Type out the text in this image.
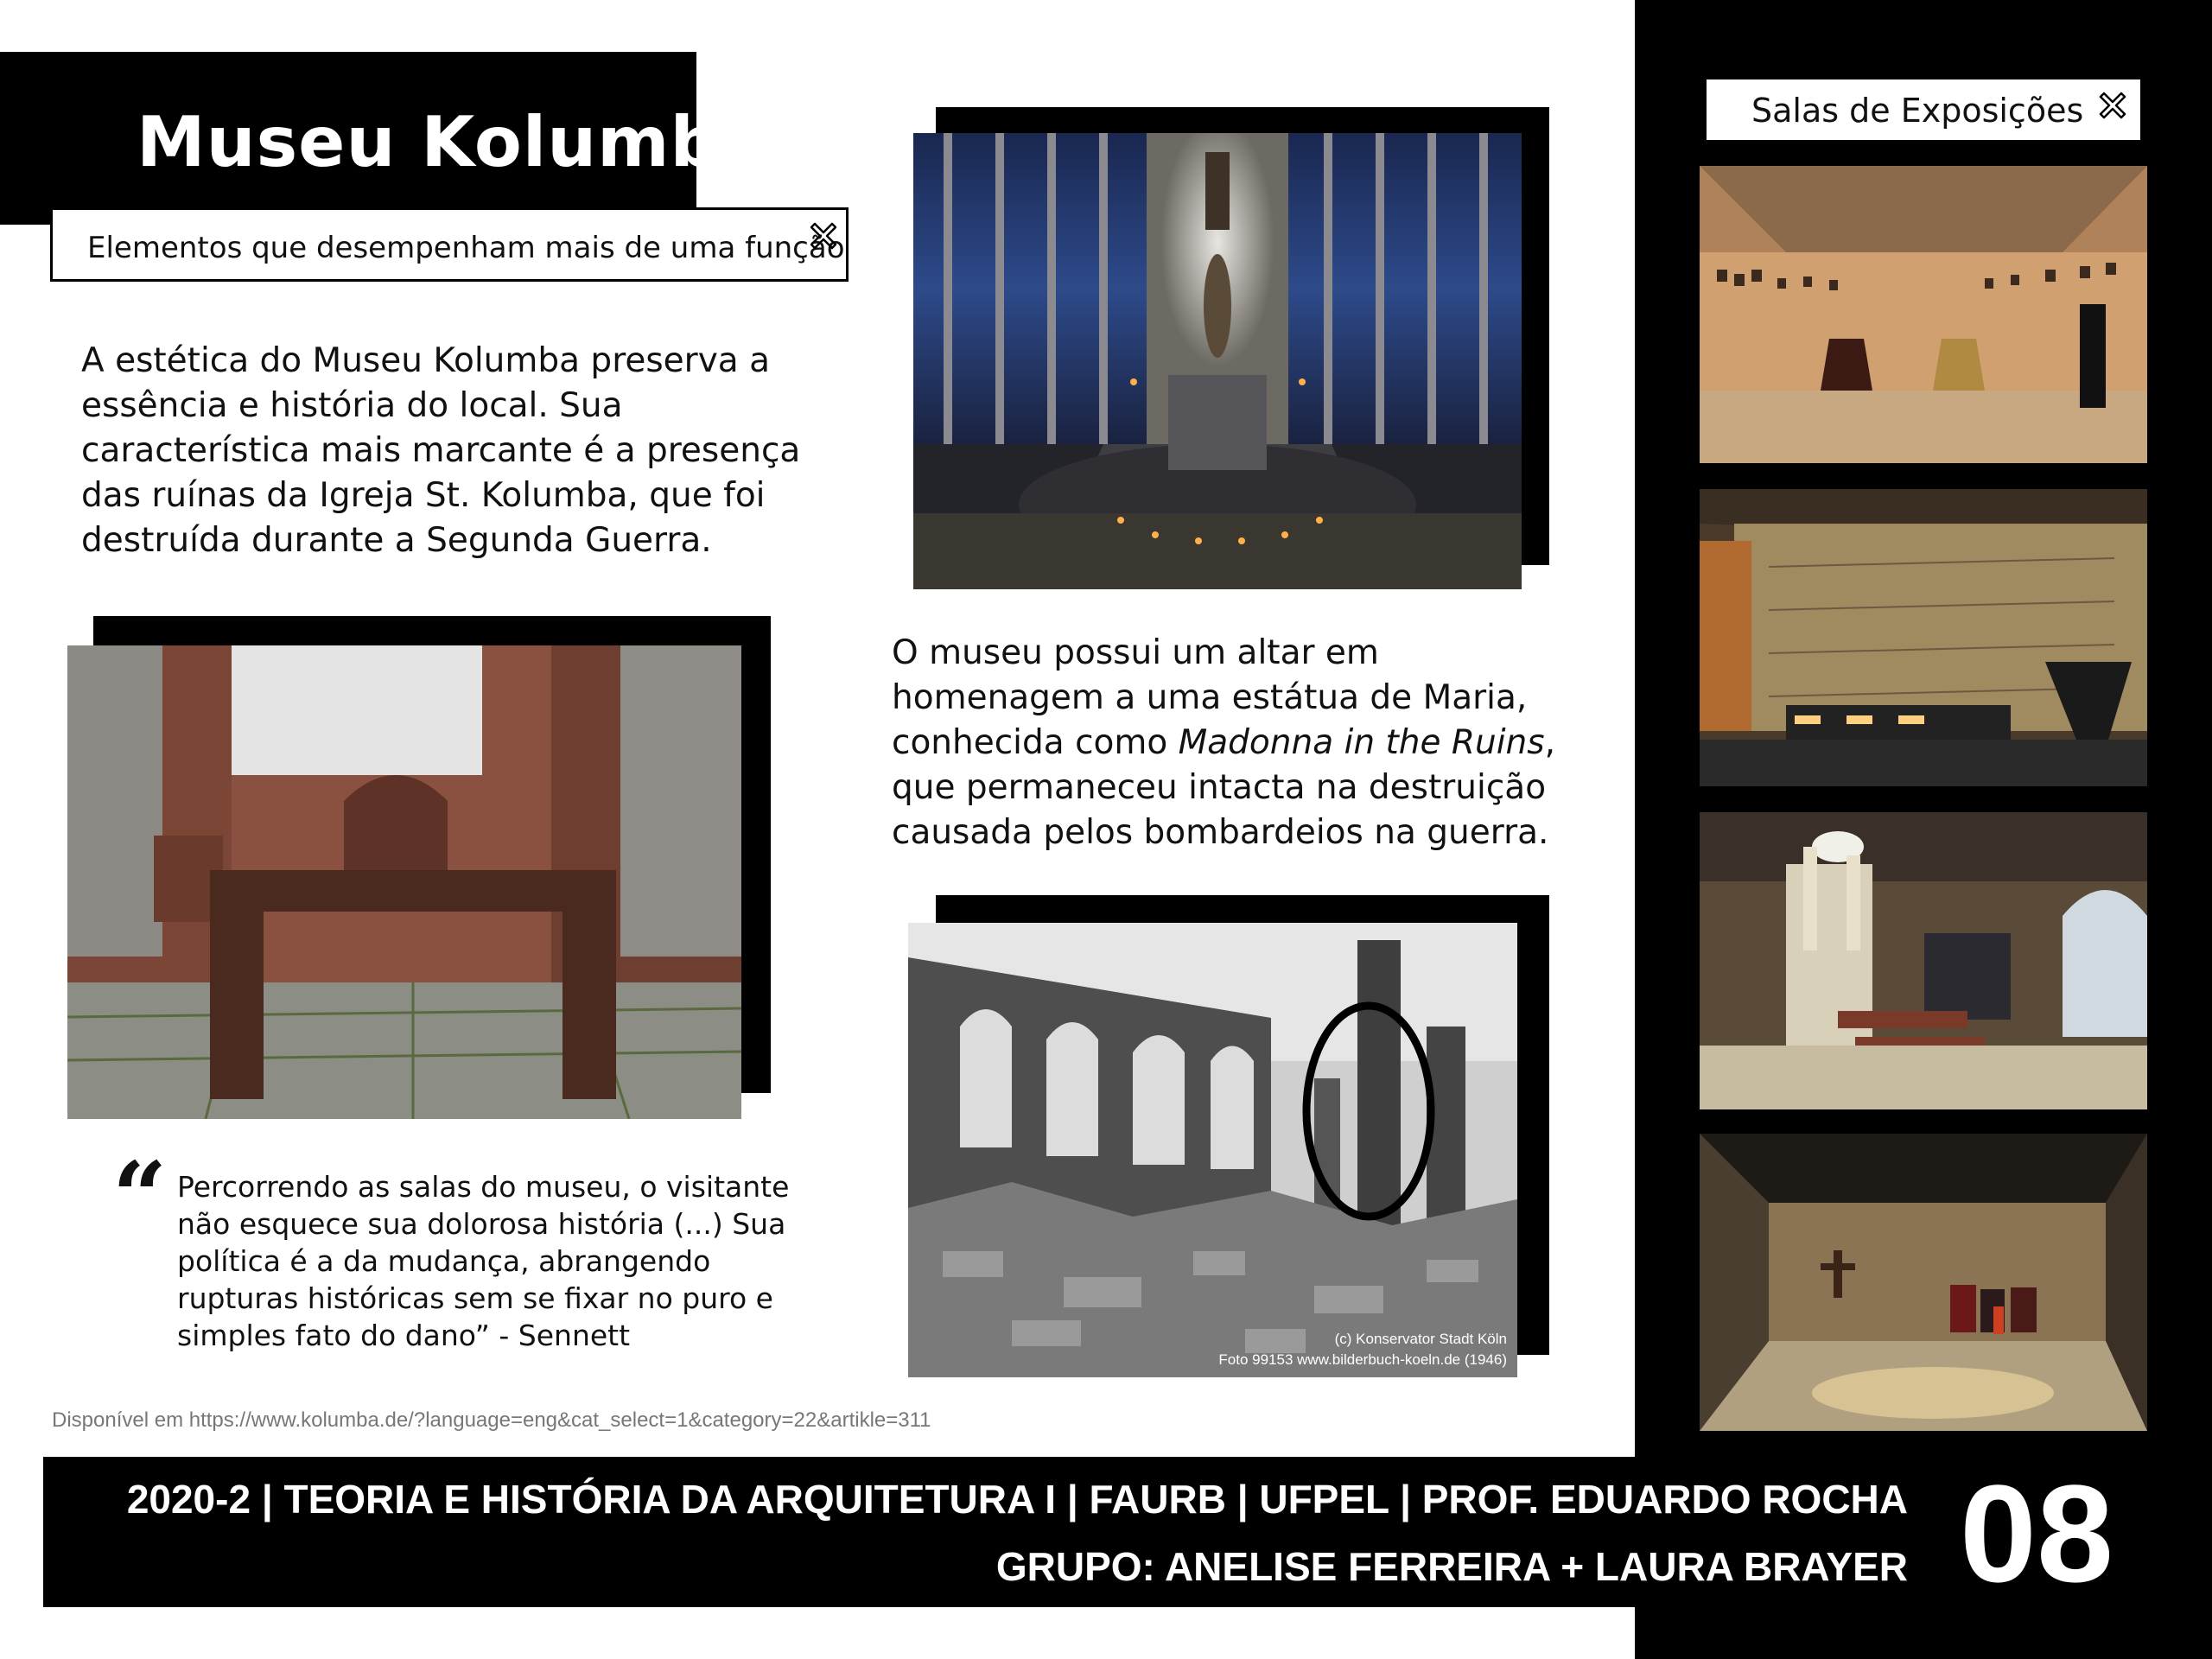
Museu Kolumba
Elementos que desempenham mais de uma função
A estética do Museu Kolumba preserva a essência e história do local. Sua característica mais marcante é a presença das ruínas da Igreja St. Kolumba, que foi destruída durante a Segunda Guerra.
O museu possui um altar em homenagem a uma estátua de Maria, conhecida como Madonna in the Ruins, que permaneceu intacta na destruição causada pelos bombardeios na guerra.
(c) Konservator Stadt Köln
Foto 99153 www.bilderbuch-koeln.de (1946)
“ Percorrendo as salas do museu, o visitante não esquece sua dolorosa história (...) Sua política é a da mudança, abrangendo rupturas históricas sem se fixar no puro e simples fato do dano” - Sennett
Disponível em https://www.kolumba.de/?language=eng&cat_select=1&category=22&artikle=311
Salas de Exposições
2020-2 | TEORIA E HISTÓRIA DA ARQUITETURA I | FAURB | UFPEL | PROF. EDUARDO ROCHA
GRUPO: ANELISE FERREIRA + LAURA BRAYER 08
